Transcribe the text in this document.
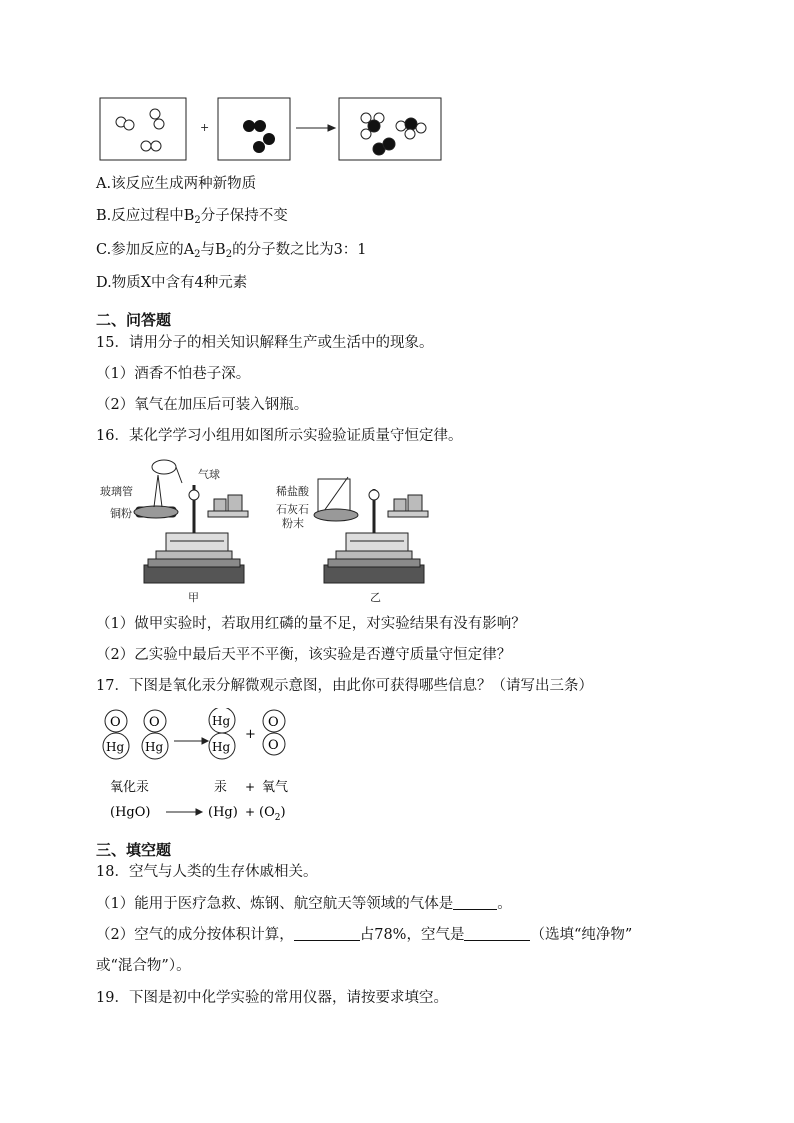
+
A.该反应生成两种新物质
B.反应过程中$B_2$分子保持不变
C.参加反应的$A_2$与$B_2$的分子数之比为3：1
D.物质X中含有4种元素
二、问答题
15．请用分子的相关知识解释生产或生活中的现象。
（1）酒香不怕巷子深。
（2）氧气在加压后可装入钢瓶。
16．某化学学习小组用如图所示实验验证质量守恒定律。
气球
玻璃管
铜粉
甲
稀盐酸
石灰石
粉末
乙
（1）做甲实验时，若取用红磷的量不足，对实验结果有没有影响？
（2）乙实验中最后天平不平衡，该实验是否遵守质量守恒定律？
17．下图是氧化汞分解微观示意图，由此你可获得哪些信息？（请写出三条）
O
Hg
O
Hg
Hg
Hg
+
O
O
氧化汞	汞 + 氧气
(HgO)	$(Hg) + (O_2)$
三、填空题
18．空气与人类的生存休戚相关。
（1）能用于医疗急救、炼钢、航空航天等领域的气体是	。
（2）空气的成分按体积计算，	占78%，空气是	（选填“纯净物”
或“混合物”）。
19．下图是初中化学实验的常用仪器，请按要求填空。
